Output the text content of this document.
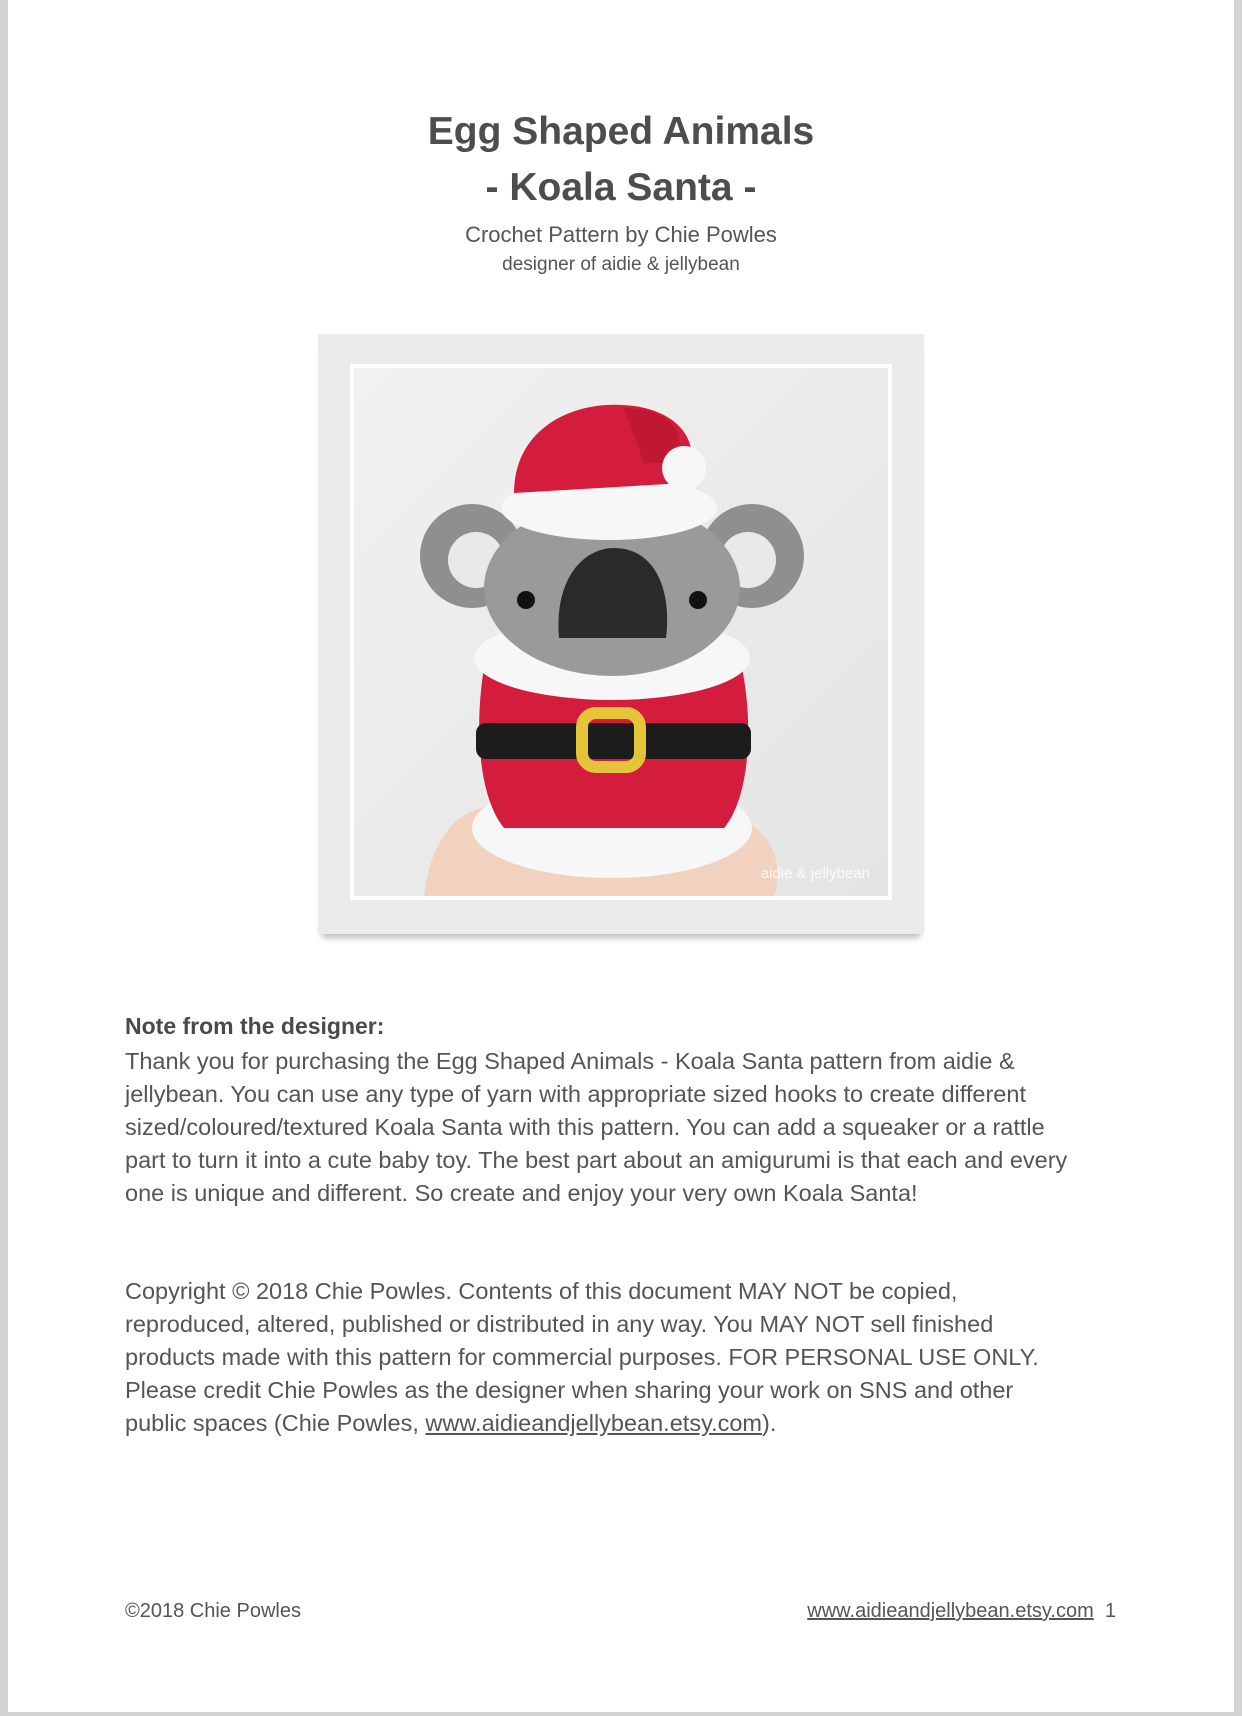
Egg Shaped Animals
- Koala Santa -

Crochet Pattern by Chie Powles

designer of aidie & jellybean

aidie & jellybean

Note from the designer:

Thank you for purchasing the Egg Shaped Animals - Koala Santa pattern from aidie & jellybean. You can use any type of yarn with appropriate sized hooks to create different sized/coloured/textured Koala Santa with this pattern. You can add a squeaker or a rattle part to turn it into a cute baby toy. The best part about an amigurumi is that each and every one is unique and different. So create and enjoy your very own Koala Santa!

Copyright © 2018 Chie Powles. Contents of this document MAY NOT be copied, reproduced, altered, published or distributed in any way. You MAY NOT sell finished products made with this pattern for commercial purposes. FOR PERSONAL USE ONLY. Please credit Chie Powles as the designer when sharing your work on SNS and other public spaces (Chie Powles, www.aidieandjellybean.etsy.com).

©2018 Chie Powles	www.aidieandjellybean.etsy.com 1
